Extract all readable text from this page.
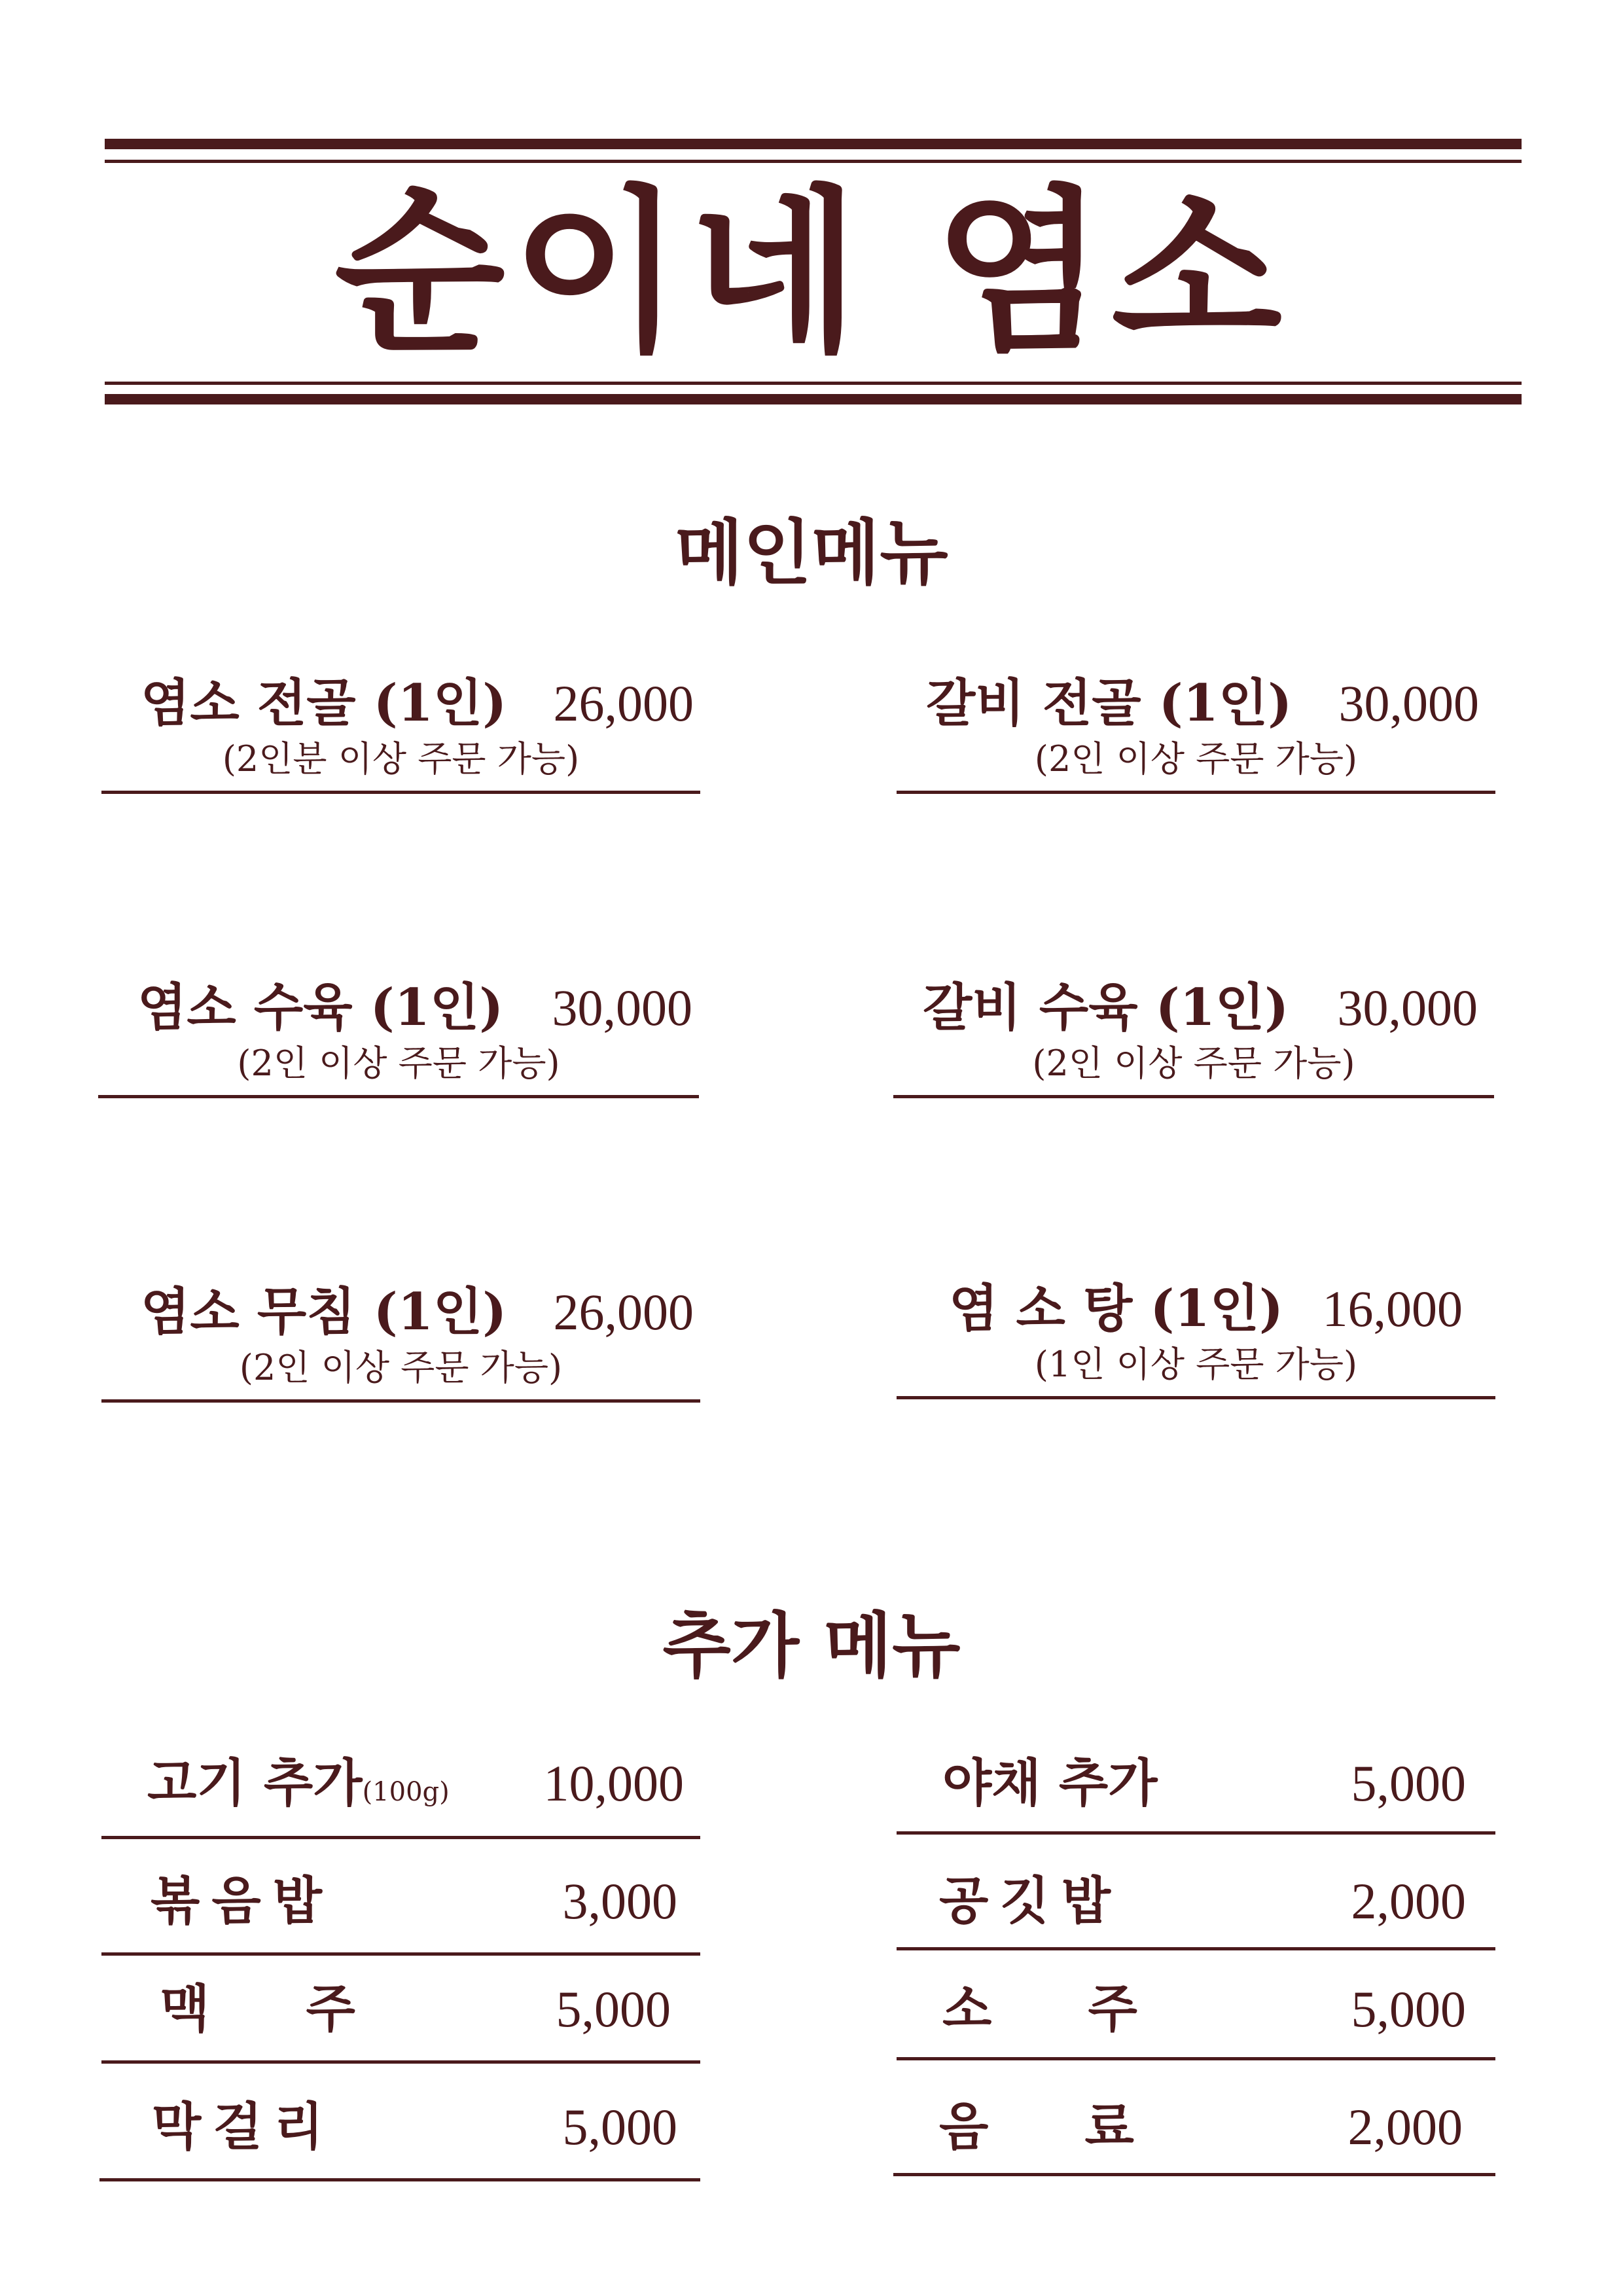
순이네 염소
메인메뉴
염소 전골 (1인) 26,000
(2인분 이상 주문 가능)
갈비 전골 (1인) 30,000
(2인 이상 주문 가능)
염소 수육 (1인) 30,000
(2인 이상 주문 가능)
갈비 수육 (1인) 30,000
(2인 이상 주문 가능)
염소 무침 (1인) 26,000
(2인 이상 주문 가능)
염 소 탕 (1인) 16,000
(1인 이상 주문 가능)
추가 메뉴
고기 추가(100g) 10,000
볶음밥	3,000
맥 주	5,000
막걸리	5,000
야채 추가	5,000
공깃밥	2,000
소 주	5,000
음 료	2,000
